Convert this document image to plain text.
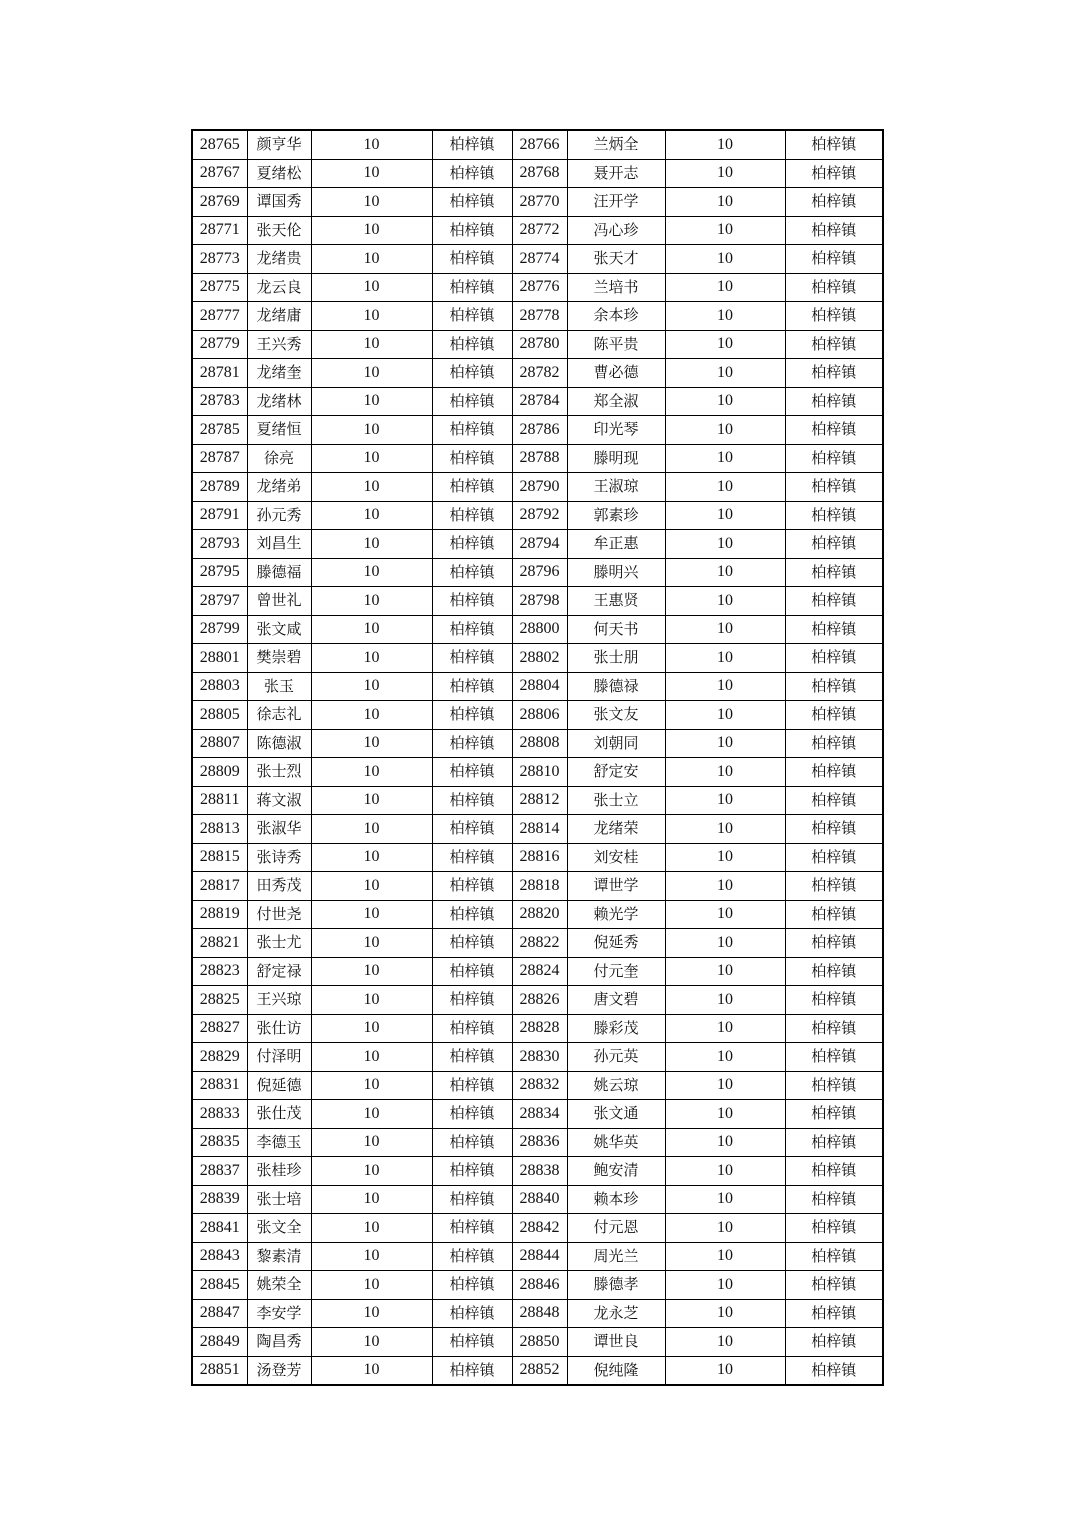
28765	颜亨华	10	柏梓镇	28766	兰炳全	10	柏梓镇
28767	夏绪松	10	柏梓镇	28768	聂开志	10	柏梓镇
28769	谭国秀	10	柏梓镇	28770	汪开学	10	柏梓镇
28771	张天伦	10	柏梓镇	28772	冯心珍	10	柏梓镇
28773	龙绪贵	10	柏梓镇	28774	张天才	10	柏梓镇
28775	龙云良	10	柏梓镇	28776	兰培书	10	柏梓镇
28777	龙绪庸	10	柏梓镇	28778	余本珍	10	柏梓镇
28779	王兴秀	10	柏梓镇	28780	陈平贵	10	柏梓镇
28781	龙绪奎	10	柏梓镇	28782	曹必德	10	柏梓镇
28783	龙绪林	10	柏梓镇	28784	郑全淑	10	柏梓镇
28785	夏绪恒	10	柏梓镇	28786	印光琴	10	柏梓镇
28787	徐亮	10	柏梓镇	28788	滕明现	10	柏梓镇
28789	龙绪弟	10	柏梓镇	28790	王淑琼	10	柏梓镇
28791	孙元秀	10	柏梓镇	28792	郭素珍	10	柏梓镇
28793	刘昌生	10	柏梓镇	28794	牟正惠	10	柏梓镇
28795	滕德福	10	柏梓镇	28796	滕明兴	10	柏梓镇
28797	曾世礼	10	柏梓镇	28798	王惠贤	10	柏梓镇
28799	张文咸	10	柏梓镇	28800	何天书	10	柏梓镇
28801	樊崇碧	10	柏梓镇	28802	张士朋	10	柏梓镇
28803	张玉	10	柏梓镇	28804	滕德禄	10	柏梓镇
28805	徐志礼	10	柏梓镇	28806	张文友	10	柏梓镇
28807	陈德淑	10	柏梓镇	28808	刘朝同	10	柏梓镇
28809	张士烈	10	柏梓镇	28810	舒定安	10	柏梓镇
28811	蒋文淑	10	柏梓镇	28812	张士立	10	柏梓镇
28813	张淑华	10	柏梓镇	28814	龙绪荣	10	柏梓镇
28815	张诗秀	10	柏梓镇	28816	刘安桂	10	柏梓镇
28817	田秀茂	10	柏梓镇	28818	谭世学	10	柏梓镇
28819	付世尧	10	柏梓镇	28820	赖光学	10	柏梓镇
28821	张士尤	10	柏梓镇	28822	倪延秀	10	柏梓镇
28823	舒定禄	10	柏梓镇	28824	付元奎	10	柏梓镇
28825	王兴琼	10	柏梓镇	28826	唐文碧	10	柏梓镇
28827	张仕访	10	柏梓镇	28828	滕彩茂	10	柏梓镇
28829	付泽明	10	柏梓镇	28830	孙元英	10	柏梓镇
28831	倪延德	10	柏梓镇	28832	姚云琼	10	柏梓镇
28833	张仕茂	10	柏梓镇	28834	张文通	10	柏梓镇
28835	李德玉	10	柏梓镇	28836	姚华英	10	柏梓镇
28837	张桂珍	10	柏梓镇	28838	鲍安清	10	柏梓镇
28839	张士培	10	柏梓镇	28840	赖本珍	10	柏梓镇
28841	张文全	10	柏梓镇	28842	付元恩	10	柏梓镇
28843	黎素清	10	柏梓镇	28844	周光兰	10	柏梓镇
28845	姚荣全	10	柏梓镇	28846	滕德孝	10	柏梓镇
28847	李安学	10	柏梓镇	28848	龙永芝	10	柏梓镇
28849	陶昌秀	10	柏梓镇	28850	谭世良	10	柏梓镇
28851	汤登芳	10	柏梓镇	28852	倪纯隆	10	柏梓镇
